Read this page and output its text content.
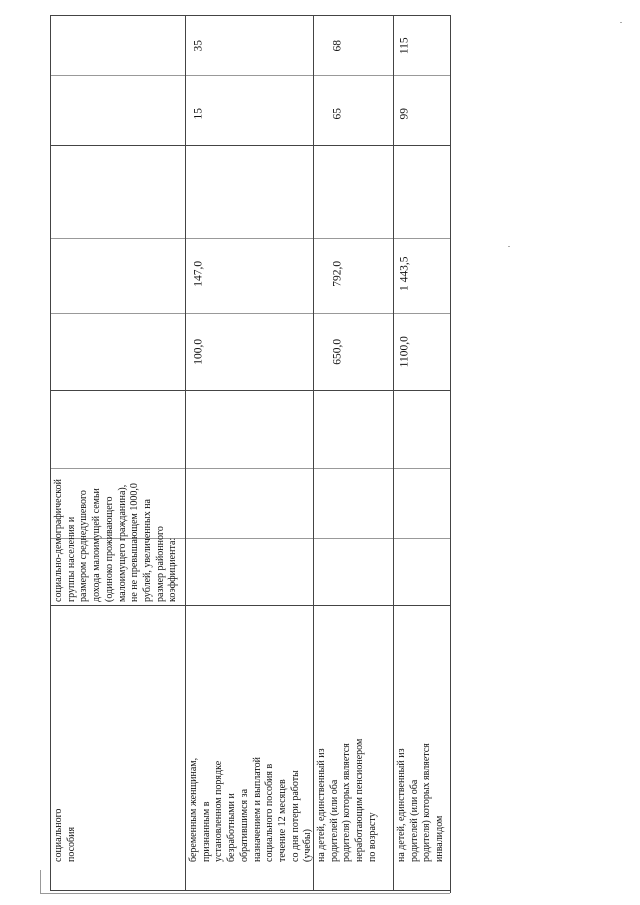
социального пособия
социально-демографической группы населения и размером среднедушевого дохода малоимущей семьи (одиноко проживающего малоимущего гражданина), не не превышающем 1000,0 рублей, увеличенных на размер районного коэффициента:
беременным женщинам, признанным в установленном порядке безработными и обратившимся за назначением и выплатой социального пособия в течение 12 месяцев со дня потери работы (учебы) на детей, единственный из родителей (или оба родителя) которых является неработающим пенсионером по возрасту на детей, единственный из родителей (или оба родителя) которых является инвалидом
100,0
147,0
15
35
650,0
792,0
65
68
1100,0
1 443,5
99
115
